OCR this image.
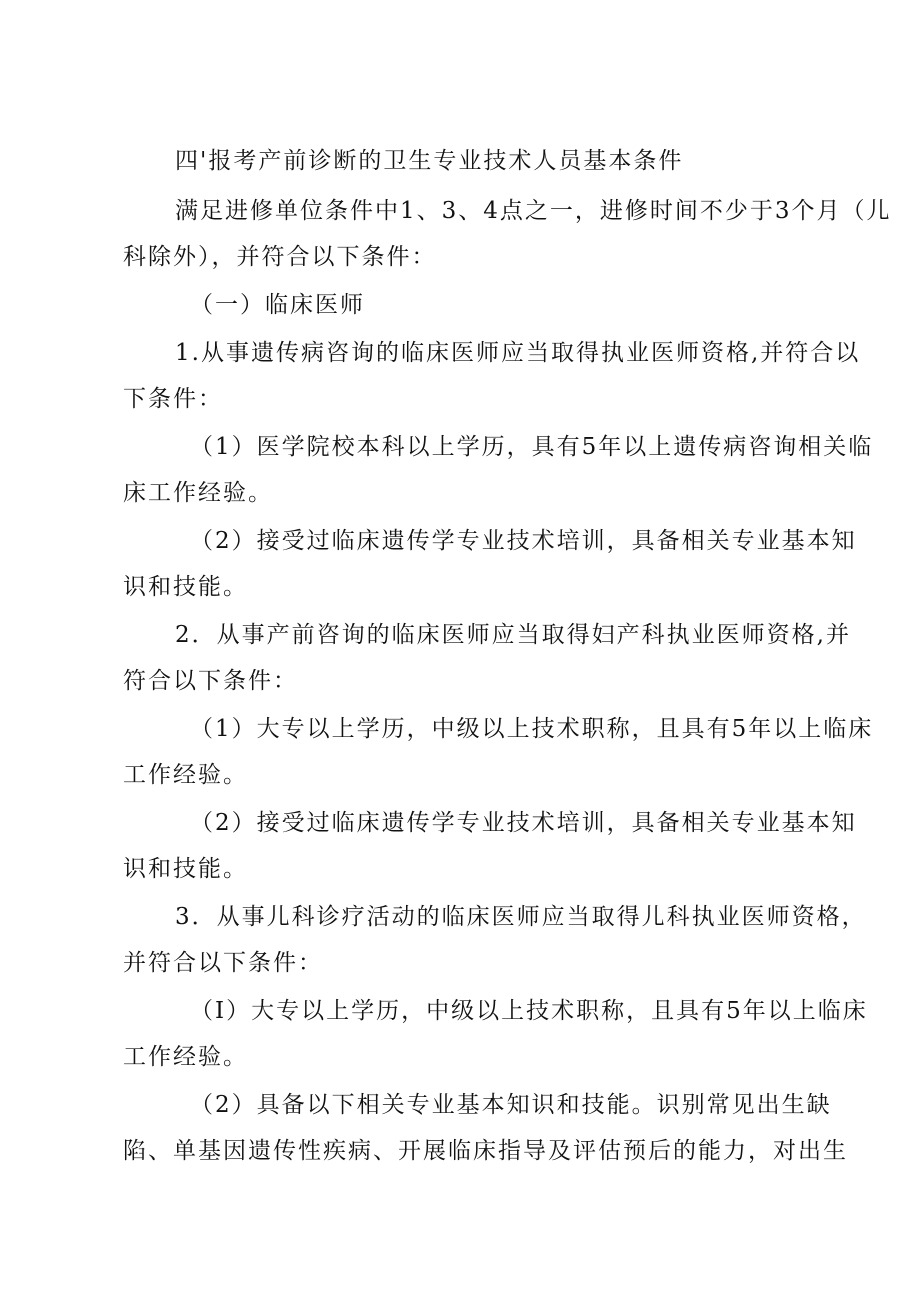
四'报考产前诊断的卫生专业技术人员基本条件
满足进修单位条件中1、3、4点之一，进修时间不少于3个月（儿
科除外），并符合以下条件：
（一）临床医师
1.从事遗传病咨询的临床医师应当取得执业医师资格,并符合以
下条件：
（1）医学院校本科以上学历，具有5年以上遗传病咨询相关临
床工作经验。
（2）接受过临床遗传学专业技术培训，具备相关专业基本知
识和技能。
2．从事产前咨询的临床医师应当取得妇产科执业医师资格,并
符合以下条件：
（1）大专以上学历，中级以上技术职称，且具有5年以上临床
工作经验。
（2）接受过临床遗传学专业技术培训，具备相关专业基本知
识和技能。
3．从事儿科诊疗活动的临床医师应当取得儿科执业医师资格，
并符合以下条件：
（I）大专以上学历，中级以上技术职称，且具有5年以上临床
工作经验。
（2）具备以下相关专业基本知识和技能。识别常见出生缺
陷、单基因遗传性疾病、开展临床指导及评估预后的能力，对出生
